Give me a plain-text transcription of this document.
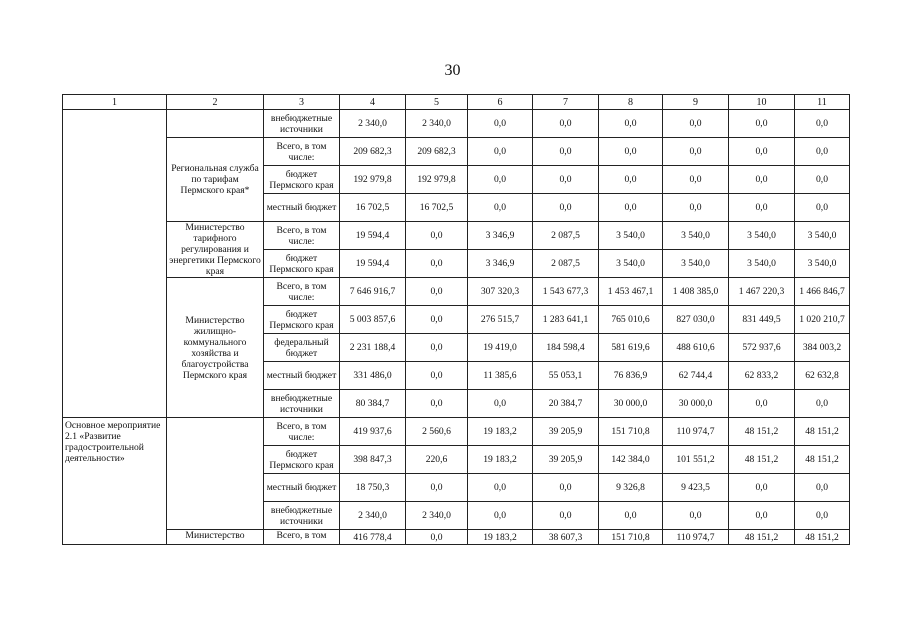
30
1	2	3	4	5	6	7	8	9	10	11
		внебюджетные источники	2 340,0	2 340,0	0,0	0,0	0,0	0,0	0,0	0,0
	Региональная служба по тарифам Пермского края*	Всего, в том числе:	209 682,3	209 682,3	0,0	0,0	0,0	0,0	0,0	0,0
		бюджет Пермского края	192 979,8	192 979,8	0,0	0,0	0,0	0,0	0,0	0,0
		местный бюджет	16 702,5	16 702,5	0,0	0,0	0,0	0,0	0,0	0,0
	Министерство тарифного регулирования и энергетики Пермского края	Всего, в том числе:	19 594,4	0,0	3 346,9	2 087,5	3 540,0	3 540,0	3 540,0	3 540,0
		бюджет Пермского края	19 594,4	0,0	3 346,9	2 087,5	3 540,0	3 540,0	3 540,0	3 540,0
	Министерство жилищно-коммунального хозяйства и благоустройства Пермского края	Всего, в том числе:	7 646 916,7	0,0	307 320,3	1 543 677,3	1 453 467,1	1 408 385,0	1 467 220,3	1 466 846,7
		бюджет Пермского края	5 003 857,6	0,0	276 515,7	1 283 641,1	765 010,6	827 030,0	831 449,5	1 020 210,7
		федеральный бюджет	2 231 188,4	0,0	19 419,0	184 598,4	581 619,6	488 610,6	572 937,6	384 003,2
		местный бюджет	331 486,0	0,0	11 385,6	55 053,1	76 836,9	62 744,4	62 833,2	62 632,8
		внебюджетные источники	80 384,7	0,0	0,0	20 384,7	30 000,0	30 000,0	0,0	0,0
Основное мероприятие 2.1 «Развитие градостроительной деятельности»		Всего, в том числе:	419 937,6	2 560,6	19 183,2	39 205,9	151 710,8	110 974,7	48 151,2	48 151,2
		бюджет Пермского края	398 847,3	220,6	19 183,2	39 205,9	142 384,0	101 551,2	48 151,2	48 151,2
		местный бюджет	18 750,3	0,0	0,0	0,0	9 326,8	9 423,5	0,0	0,0
		внебюджетные источники	2 340,0	2 340,0	0,0	0,0	0,0	0,0	0,0	0,0
	Министерство	Всего, в том	416 778,4	0,0	19 183,2	38 607,3	151 710,8	110 974,7	48 151,2	48 151,2
